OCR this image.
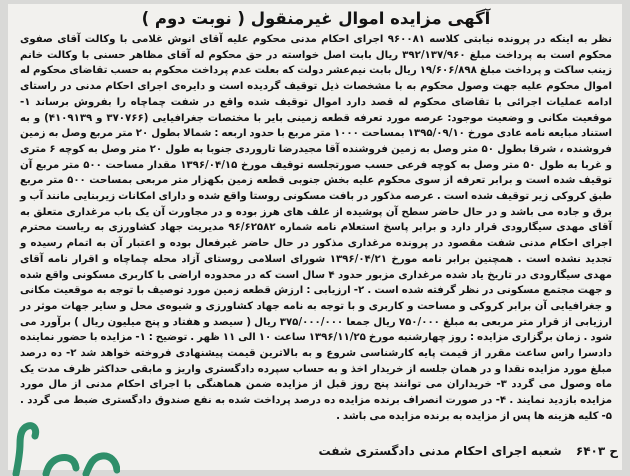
آگهی مزایده اموال غیرمنقول ( نوبت دوم )

نظر به اینکه در پرونده نیابتی کلاسه ۹۶۰۰۸۱ اجرای احکام مدنی محکوم علیه آقای انوش غلامی با وکالت آقای صفوی محکوم است به پرداخت مبلغ ۳۹۲/۱۳۷/۹۶۰ ریال بابت اصل خواسته در حق محکوم له آقای مظاهر حسنی با وکالت خانم زینب ساکت و پرداخت مبلغ ۱۹/۶۰۶/۸۹۸ ریال بابت نیم‌عشر دولت که بعلت عدم پرداخت محکوم به حسب تقاضای محکوم له اموال محکوم علیه جهت وصول محکوم به با مشخصات ذیل توقیف گردیده است و دایره‌ی اجرای احکام مدنی در راستای ادامه عملیات اجرائی با تقاضای محکوم له قصد دارد اموال توقیف شده واقع در شفت چماچاه را بفروش برساند ۱- موقعیت مکانی و وضعیت موجود: عرصه مورد تعرفه قطعه زمینی بایر با مختصات جغرافیایی (۳۷۰۷۶۶ و ۴۱۰۹۱۳۹) و به استناد مبایعه نامه عادی مورخ ۱۳۹۵/۰۹/۱۰ بمساحت ۱۰۰۰ متر مربع با حدود اربعه : شمالا بطول ۲۰ متر مربع وصل به زمین فروشنده ، شرقا بطول ۵۰ متر وصل به زمین فروشنده آقا مجیدرضا تارورد‌ی جنوبا به طول ۲۰ متر وصل به کوچه ۶ متری و غربا به طول ۵۰ متر وصل به کوچه فرعی حسب صورتجلسه توقیف مورخ ۱۳۹۶/۰۴/۱۵ مقدار مساحت ۵۰۰ متر مربع آن توقیف شده است و برابر تعرفه از سوی محکوم علیه بخش جنوبی قطعه زمین بکهزار متر مربعی بمساحت ۵۰۰ متر مربع طبق کروکی زیر توقیف شده است . عرصه مذکور در بافت مسکونی روستا واقع شده و دارای امکانات زیربنایی مانند آب و برق و جاده می باشد و در حال حاضر سطح آن پوشیده از علف های هرز بوده و در مجاورت آن یک باب مرغداری متعلق به آقای مهدی سیگارودی قرار دارد و برابر پاسخ استعلام نامه شماره ۹۶/۶۲۵۸۲ مدیریت جهاد کشاورزی به ریاست محترم اجرای احکام مدنی شفت مقصود در پرونده مرغداری مذکور در حال حاضر غیرفعال بوده و اعتبار آن به اتمام رسیده و تجدید نشده است . همچنین برابر نامه مورخ ۱۳۹۶/۰۴/۲۱ شورای اسلامی روستای آزاد محله چماچاه و اقرار نامه آقای مهدی سیگارودی در تاریخ یاد شده مرغداری مزبور حدود ۴ سال است که در محدوده اراضی با کاربری مسکونی واقع شده و جهت مجتمع مسکونی در نظر گرفته شده است . ۲- ارزیابی : ارزش قطعه زمین مورد توصیف با توجه به موقعیت مکانی و جغرافیایی آن برابر کروکی و مساحت و کاربری و با توجه به نامه جهاد کشاورزی و شیوه‌ی محل و سایر جهات موثر در ارزیابی از قرار متر مربعی به مبلغ ۷۵۰/۰۰۰ ریال جمعا ۳۷۵/۰۰۰/۰۰۰ ریال ( سیصد و هفتاد و پنج میلیون ریال ) برآورد می شود . زمان برگزاری مزایده : روز چهارشنبه مورخ ۱۳۹۶/۱۱/۲۵ ساعت ۱۰ الی ۱۱ ظهر . توضیح : ۱- مزایده با حضور نماینده دادسرا راس ساعت مقرر از قیمت پایه کارشناسی شروع و به بالاترین قیمت پیشنهادی فروخته خواهد شد ۲- ده درصد مبلغ مورد مزایده نقدا و در همان جلسه از خریدار اخذ و به حساب سپرده دادگستری واریز و مابقی حداکثر ظرف مدت یک ماه وصول می گردد ۳- خریداران می توانند پنج روز قبل از مزایده ضمن هماهنگی با اجرای احکام مدنی از مال مورد مزایده بازدید نمایند . ۴- در صورت انصراف برنده مزایده ده درصد پرداخت شده به نفع صندوق دادگستری ضبط می گردد . ۵- کلیه هزینه ها پس از مزایده به برنده مزایده می باشد .

ح ۶۴۰۳ شعبه اجرای احکام مدنی دادگستری شفت
